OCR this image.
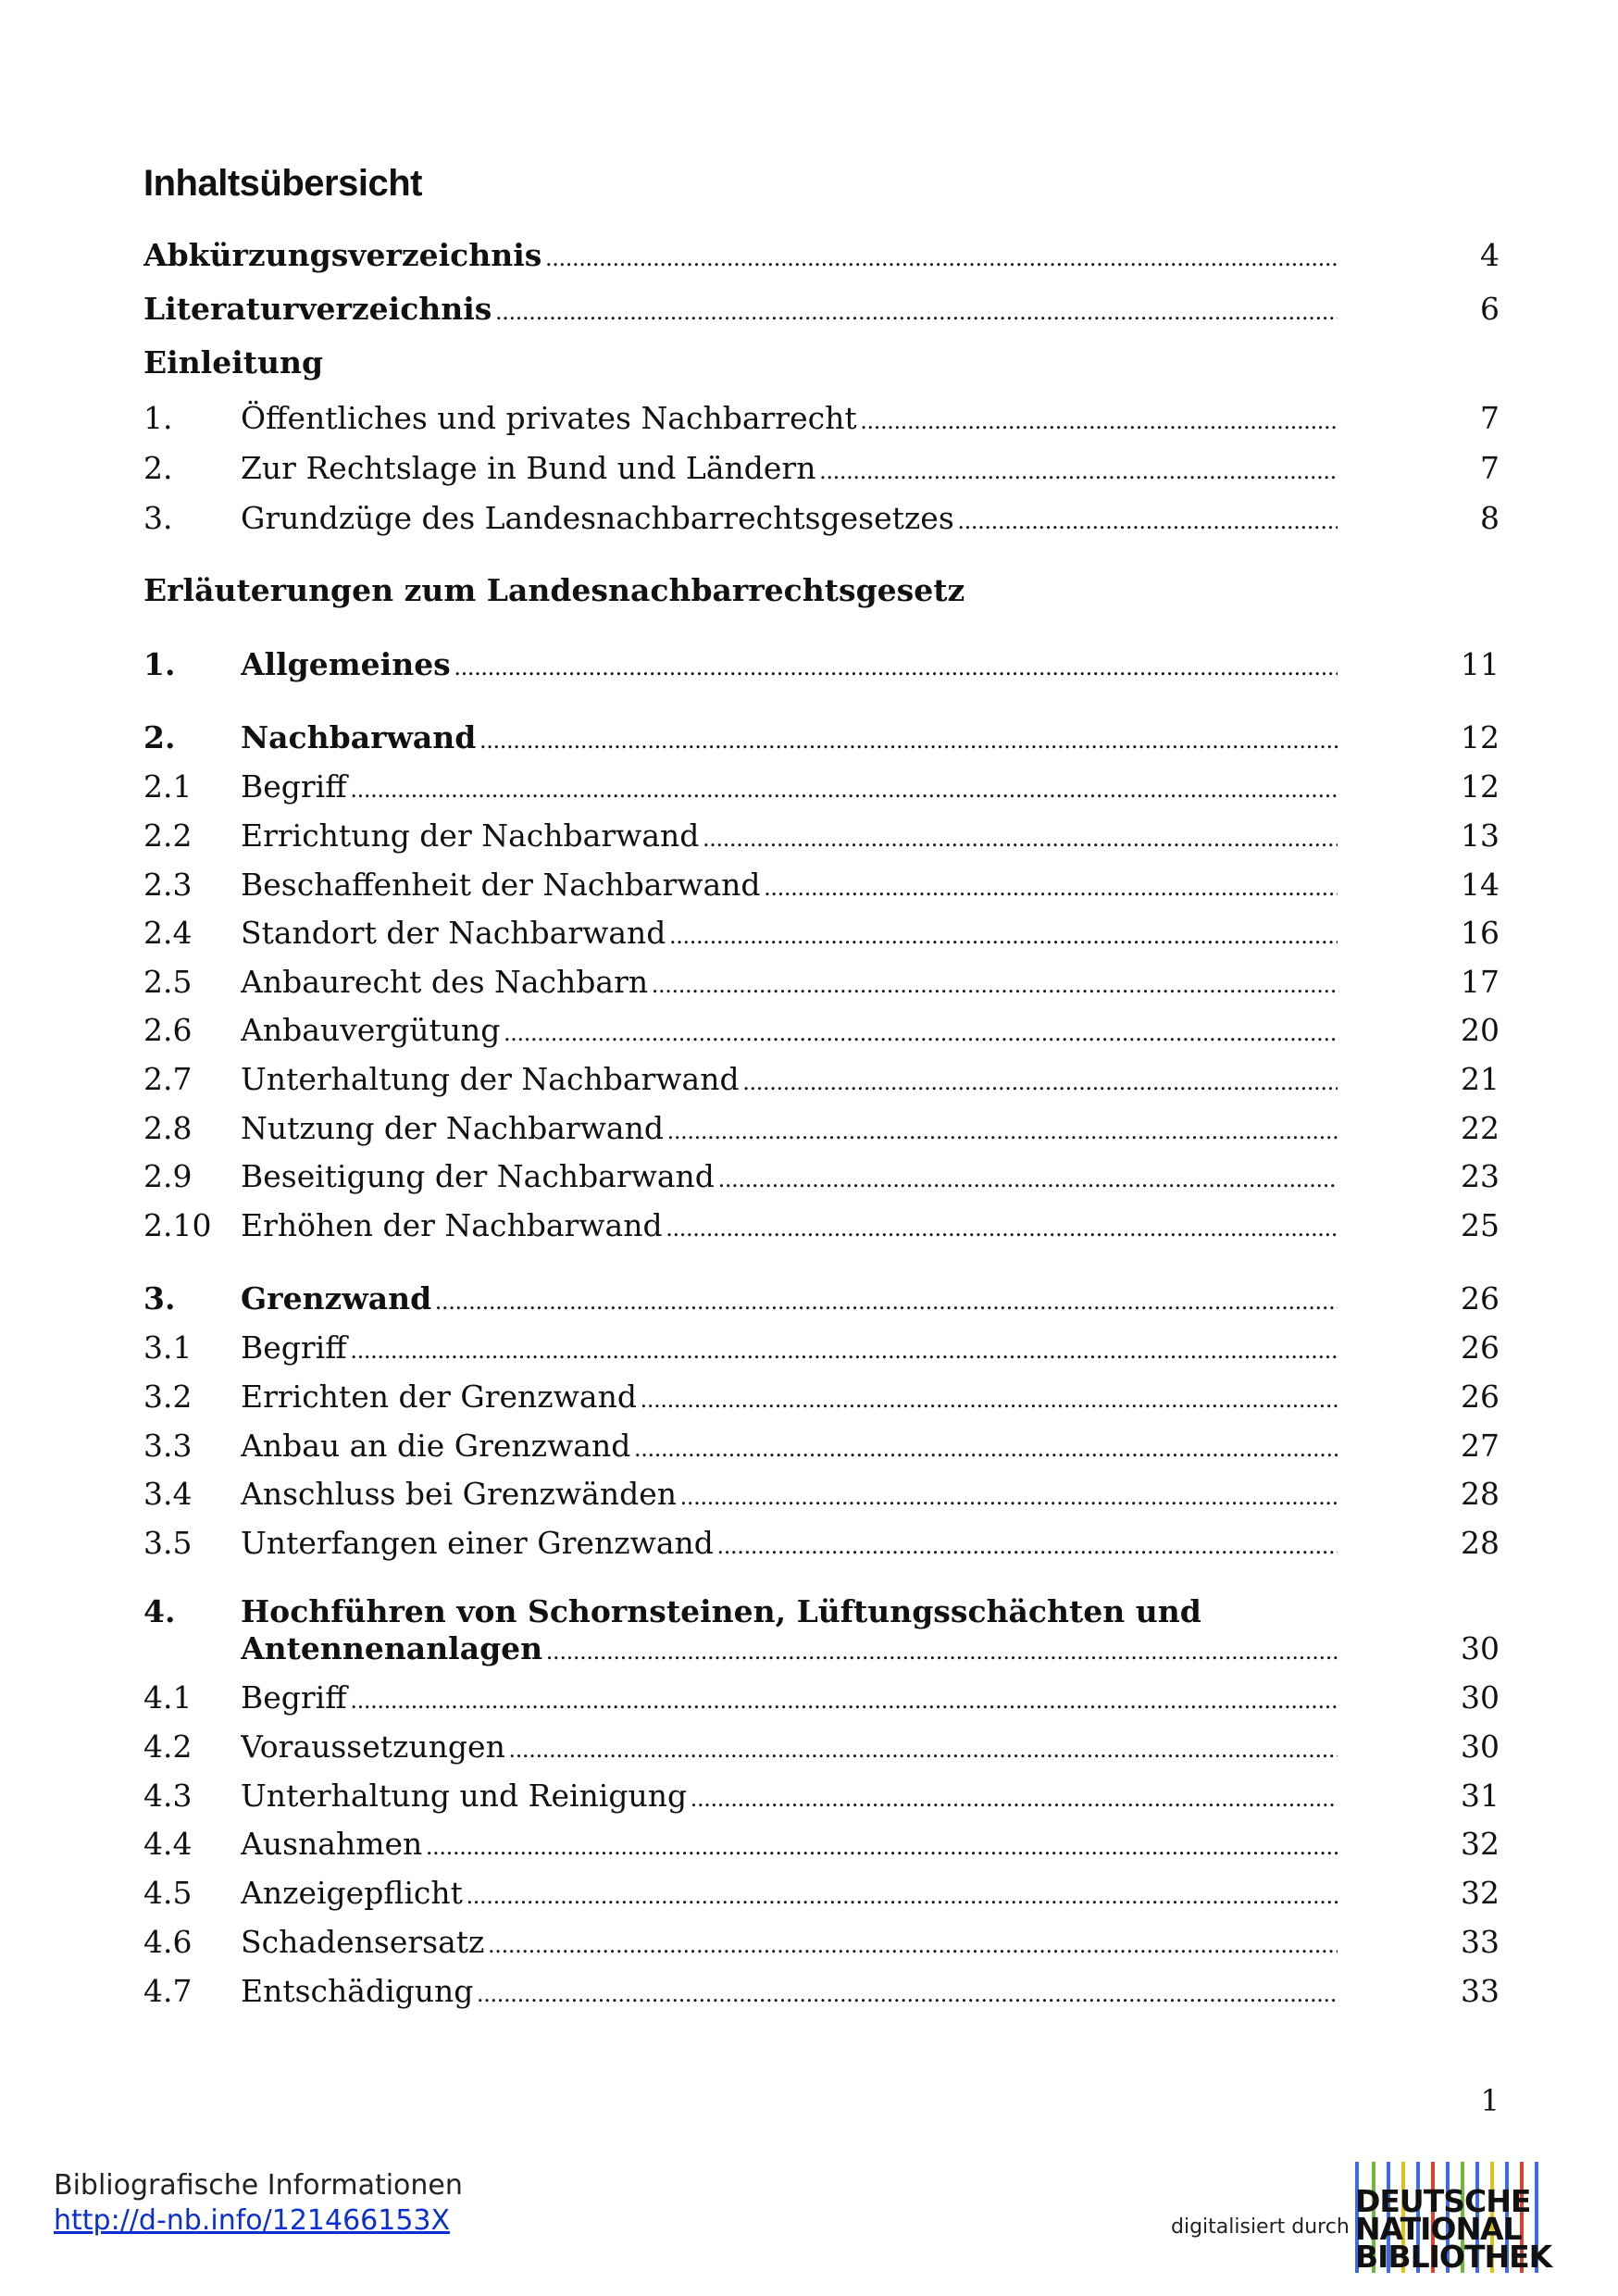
Inhaltsübersicht
Abkürzungsverzeichnis . . .	4
Literaturverzeichnis . . .	6
Einleitung
1. Öffentliches und privates Nachbarrecht . . .	7
2. Zur Rechtslage in Bund und Ländern . . .	7
3. Grundzüge des Landesnachbarrechtsgesetzes . . .	8
Erläuterungen zum Landesnachbarrechtsgesetz
1. Allgemeines . . .	11
2. Nachbarwand . . .	12
2.1 Begriff . . .	12
2.2 Errichtung der Nachbarwand . . .	13
2.3 Beschaffenheit der Nachbarwand . . .	14
2.4 Standort der Nachbarwand . . .	16
2.5 Anbaurecht des Nachbarn . . .	17
2.6 Anbauvergütung . . .	20
2.7 Unterhaltung der Nachbarwand . . .	21
2.8 Nutzung der Nachbarwand . . .	22
2.9 Beseitigung der Nachbarwand . . .	23
2.10 Erhöhen der Nachbarwand . . .	25
3. Grenzwand . . .	26
3.1 Begriff . . .	26
3.2 Errichten der Grenzwand . . .	26
3.3 Anbau an die Grenzwand . . .	27
3.4 Anschluss bei Grenzwänden . . .	28
3.5 Unterfangen einer Grenzwand . . .	28
4. Hochführen von Schornsteinen, Lüftungsschächten und
Antennenanlagen . . .	30
4.1 Begriff . . .	30
4.2 Voraussetzungen . . .	30
4.3 Unterhaltung und Reinigung . . .	31
4.4 Ausnahmen . . .	32
4.5 Anzeigepflicht . . .	32
4.6 Schadensersatz . . .	33
4.7 Entschädigung . . .	33
1
Bibliografische Informationen
http://d-nb.info/121466153X	digitalisiert durch
DEUTSCHE
NATIONAL
BIBLIOTHEK
